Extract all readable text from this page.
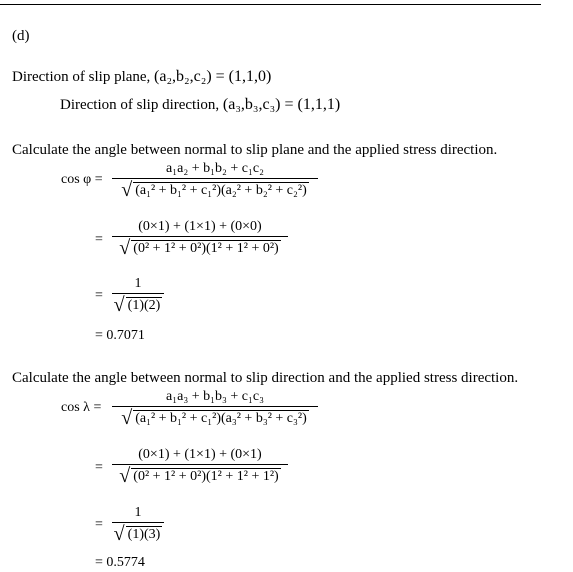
(d)
Direction of slip plane, (a₂,b₂,c₂) = (1,1,0)
Direction of slip direction, (a₃,b₃,c₃) = (1,1,1)
Calculate the angle between normal to slip plane and the applied stress direction.
cos φ =
a₁a₂ + b₁b₂ + c₁c₂
√ (a₁² + b₁² + c₁²)(a₂² + b₂² + c₂²)
=
(0×1) + (1×1) + (0×0)
√ (0² + 1² + 0²)(1² + 1² + 0²)
=
1
√ (1)(2)
= 0.7071
Calculate the angle between normal to slip direction and the applied stress direction.
cos λ =
a₁a₃ + b₁b₃ + c₁c₃
√ (a₁² + b₁² + c₁²)(a₃² + b₃² + c₃²)
=
(0×1) + (1×1) + (0×1)
√ (0² + 1² + 0²)(1² + 1² + 1²)
=
1
√ (1)(3)
= 0.5774
